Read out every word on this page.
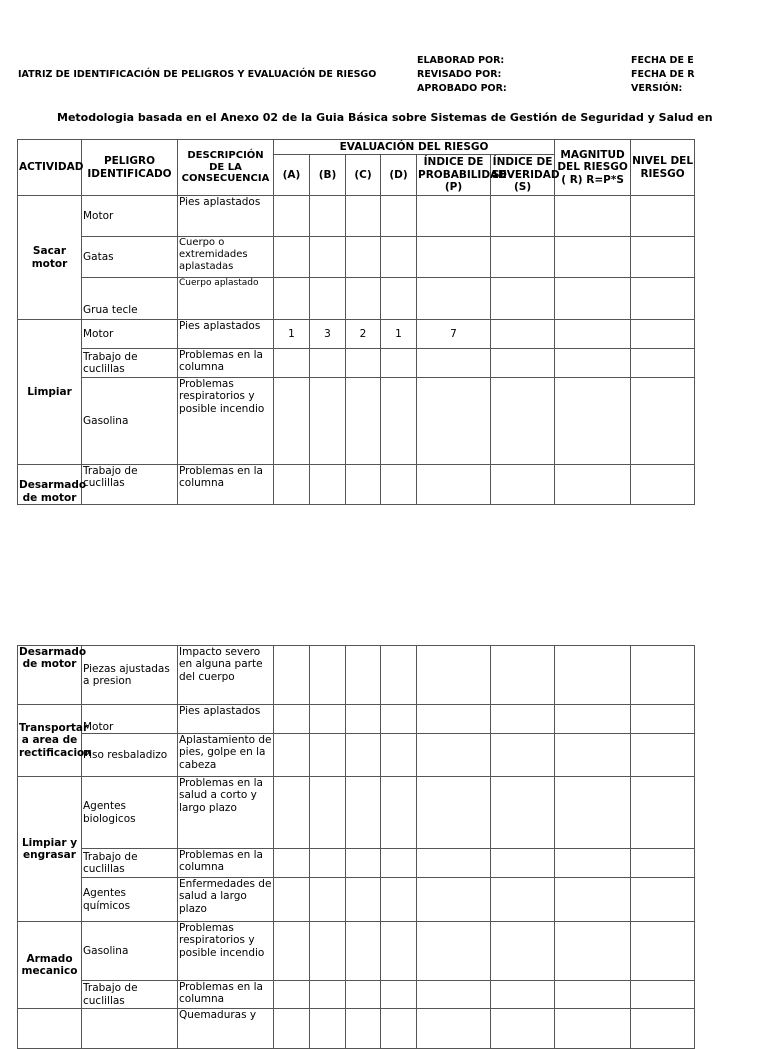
IATRIZ DE IDENTIFICACIÓN DE PELIGROS Y EVALUACIÓN DE RIESGO
ELABORAD POR:
REVISADO POR:
APROBADO POR:
FECHA DE E
FECHA DE R
VERSIÓN:
Metodologia basada en el Anexo 02 de la Guia Básica sobre Sistemas de Gestión de Seguridad y Salud en
ACTIVIDAD	PELIGRO IDENTIFICADO	DESCRIPCIÓN DE LA CONSECUENCIA	EVALUACIÓN DEL RIESGO						MAGNITUD DEL RIESGO ( R) R=P*S	NIVEL DEL RIESGO
			(A)	(B)	(C)	(D)	ÍNDICE DE PROBABILIDAD (P)	ÍNDICE DE SEVERIDAD (S)		
Sacar motor	Motor	Pies aplastados								
	Gatas	Cuerpo o extremidades aplastadas								
	Grua tecle	Cuerpo aplastado								
Limpiar	Motor	Pies aplastados	1	3	2	1	7			
	Trabajo de cuclillas	Problemas en la columna								
	Gasolina	Problemas respiratorios y posible incendio								
Desarmado de motor	Trabajo de cuclillas	Problemas en la columna								
Desarmado de motor	Piezas ajustadas a presion	Impacto severo en alguna parte del cuerpo								
Transportar a area de rectificacion	Motor	Pies aplastados								
	Piso resbaladizo	Aplastamiento de pies, golpe en la cabeza								
Limpiar y engrasar	Agentes biologicos	Problemas en la salud a corto y largo plazo								
	Trabajo de cuclillas	Problemas en la columna								
	Agentes químicos	Enfermedades de salud a largo plazo								
Armado mecanico	Gasolina	Problemas respiratorios y posible incendio								
	Trabajo de cuclillas	Problemas en la columna								
		Quemaduras y								
